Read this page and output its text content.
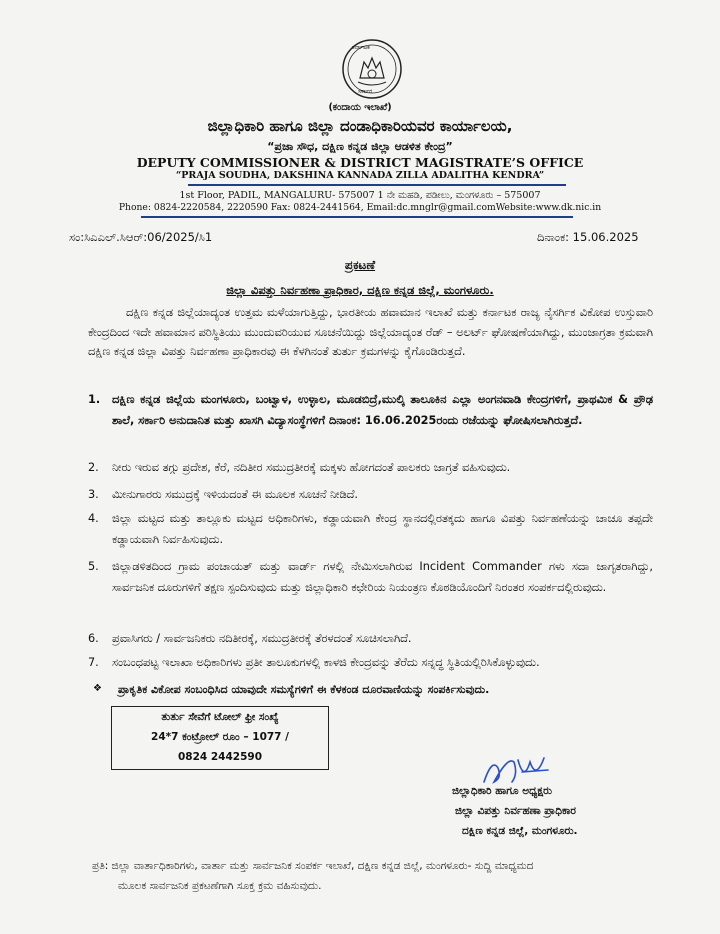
ಕರ್ನಾಟಕ
ಸರ್ಕಾರ
(ಕಂದಾಯ ಇಲಾಖೆ)
ಜಿಲ್ಲಾಧಿಕಾರಿ ಹಾಗೂ ಜಿಲ್ಲಾ ದಂಡಾಧಿಕಾರಿಯವರ ಕಾರ್ಯಾಲಯ,
“ಪ್ರಜಾ ಸೌಧ, ದಕ್ಷಿಣ ಕನ್ನಡ ಜಿಲ್ಲಾ ಆಡಳಿತ ಕೇಂದ್ರ”
DEPUTY COMMISSIONER & DISTRICT MAGISTRATE’S OFFICE
“PRAJA SOUDHA, DAKSHINA KANNADA ZILLA ADALITHA KENDRA”
1st Floor, PADIL, MANGALURU- 575007 1 ನೇ ಮಹಡಿ, ಪಡೀಲು, ಮಂಗಳೂರು – 575007
Phone: 0824-2220584, 2220590 Fax: 0824-2441564, Email:dc.mnglr@gmail.comWebsite:www.dk.nic.in
ಸಂ:ಸಿಎಎಲ್.ಸಿಆರ್:06/2025/ಸಿ1	ದಿನಾಂಕ: 15.06.2025
ಪ್ರಕಟಣೆ
ಜಿಲ್ಲಾ ವಿಪತ್ತು ನಿರ್ವಹಣಾ ಪ್ರಾಧಿಕಾರ, ದಕ್ಷಿಣ ಕನ್ನಡ ಜಿಲ್ಲೆ, ಮಂಗಳೂರು.
ದಕ್ಷಿಣ ಕನ್ನಡ ಜಿಲ್ಲೆಯಾದ್ಯಂತ ಉತ್ತಮ ಮಳೆಯಾಗುತ್ತಿದ್ದು, ಭಾರತೀಯ ಹವಾಮಾನ ಇಲಾಖೆ ಮತ್ತು ಕರ್ನಾಟಕ ರಾಜ್ಯ ನೈಸರ್ಗಿಕ ವಿಕೋಪ ಉಸ್ತುವಾರಿ ಕೇಂದ್ರದಿಂದ ಇದೇ ಹವಾಮಾನ ಪರಿಸ್ಥಿತಿಯು ಮುಂದುವರಿಯುವ ಸೂಚನೆಯಿದ್ದು ಜಿಲ್ಲೆಯಾದ್ಯಂತ ರೆಡ್ – ಅಲರ್ಟ್ ಘೋಷಣೆಯಾಗಿದ್ದು, ಮುಂಜಾಗ್ರತಾ ಕ್ರಮವಾಗಿ ದಕ್ಷಿಣ ಕನ್ನಡ ಜಿಲ್ಲಾ ವಿಪತ್ತು ನಿರ್ವಹಣಾ ಪ್ರಾಧಿಕಾರವು ಈ ಕೆಳಗಿನಂತೆ ತುರ್ತು ಕ್ರಮಗಳನ್ನು ಕೈಗೊಂಡಿರುತ್ತದೆ.
1. ದಕ್ಷಿಣ ಕನ್ನಡ ಜಿಲ್ಲೆಯ ಮಂಗಳೂರು, ಬಂಟ್ವಾಳ, ಉಳ್ಳಾಲ, ಮೂಡಬಿದ್ರೆ,ಮುಲ್ಕಿ ತಾಲೂಕಿನ ಎಲ್ಲಾ ಅಂಗನವಾಡಿ ಕೇಂದ್ರಗಳಿಗೆ, ಪ್ರಾಥಮಿಕ & ಪ್ರೌಢ ಶಾಲೆ, ಸರ್ಕಾರಿ ಅನುದಾನಿತ ಮತ್ತು ಖಾಸಗಿ ವಿದ್ಯಾಸಂಸ್ಥೆಗಳಿಗೆ ದಿನಾಂಕ: 16.06.2025ರಂದು ರಜೆಯನ್ನು ಘೋಷಿಸಲಾಗಿರುತ್ತದೆ.
2. ನೀರು ಇರುವ ತಗ್ಗು ಪ್ರದೇಶ, ಕೆರೆ, ನದಿತೀರ ಸಮುದ್ರತೀರಕ್ಕೆ ಮಕ್ಕಳು ಹೋಗದಂತೆ ಪಾಲಕರು ಜಾಗ್ರತೆ ವಹಿಸುವುದು.
3. ಮೀನುಗಾರರು ಸಮುದ್ರಕ್ಕೆ ಇಳಿಯದಂತೆ ಈ ಮೂಲಕ ಸೂಚನೆ ನೀಡಿದೆ.
4. ಜಿಲ್ಲಾ ಮಟ್ಟದ ಮತ್ತು ತಾಲ್ಲೂಕು ಮಟ್ಟದ ಅಧಿಕಾರಿಗಳು, ಕಡ್ಡಾಯವಾಗಿ ಕೇಂದ್ರ ಸ್ಥಾನದಲ್ಲಿರತಕ್ಕದು ಹಾಗೂ ವಿಪತ್ತು ನಿರ್ವಹಣೆಯನ್ನು ಚಾಚೂ ತಪ್ಪದೇ ಕಡ್ಡಾಯವಾಗಿ ನಿರ್ವಹಿಸುವುದು.
5. ಜಿಲ್ಲಾಡಳಿತದಿಂದ ಗ್ರಾಮ ಪಂಚಾಯತ್ ಮತ್ತು ವಾರ್ಡ್ ಗಳಲ್ಲಿ ನೇಮಿಸಲಾಗಿರುವ Incident Commander ಗಳು ಸದಾ ಜಾಗೃತರಾಗಿದ್ದು, ಸಾರ್ವಜನಿಕ ದೂರುಗಳಿಗೆ ತಕ್ಷಣ ಸ್ಪಂದಿಸುವುದು ಮತ್ತು ಜಿಲ್ಲಾಧಿಕಾರಿ ಕಛೇರಿಯ ನಿಯಂತ್ರಣ ಕೊಠಡಿಯೊಂದಿಗೆ ನಿರಂತರ ಸಂಪರ್ಕದಲ್ಲಿರುವುದು.
6. ಪ್ರವಾಸಿಗರು / ಸಾರ್ವಜನಿಕರು ನದಿತೀರಕ್ಕೆ, ಸಮುದ್ರತೀರಕ್ಕೆ ತೆರಳದಂತೆ ಸೂಚಿಸಲಾಗಿದೆ.
7. ಸಂಬಂಧಪಟ್ಟ ಇಲಾಖಾ ಅಧಿಕಾರಿಗಳು ಪ್ರತೀ ತಾಲೂಕುಗಳಲ್ಲಿ ಕಾಳಜಿ ಕೇಂದ್ರವನ್ನು ತೆರೆದು ಸನ್ನದ್ಧ ಸ್ಥಿತಿಯಲ್ಲಿರಿಸಿಕೊಳ್ಳುವುದು.
❖ ಪ್ರಾಕೃತಿಕ ವಿಕೋಪ ಸಂಬಂಧಿಸಿದ ಯಾವುದೇ ಸಮಸ್ಯೆಗಳಿಗೆ ಈ ಕೆಳಕಂಡ ದೂರವಾಣಿಯನ್ನು ಸಂಪರ್ಕಿಸುವುದು.
ತುರ್ತು ಸೇವೆಗೆ ಟೋಲ್ ಫ್ರೀ ಸಂಖ್ಯೆ
24*7 ಕಂಟ್ರೋಲ್ ರೂಂ – 1077 /
0824 2442590
ಜಿಲ್ಲಾಧಿಕಾರಿ ಹಾಗೂ ಅಧ್ಯಕ್ಷರು
ಜಿಲ್ಲಾ ವಿಪತ್ತು ನಿರ್ವಹಣಾ ಪ್ರಾಧಿಕಾರ
ದಕ್ಷಿಣ ಕನ್ನಡ ಜಿಲ್ಲೆ, ಮಂಗಳೂರು.
ಪ್ರತಿ: ಜಿಲ್ಲಾ ವಾರ್ತಾಧಿಕಾರಿಗಳು, ವಾರ್ತಾ ಮತ್ತು ಸಾರ್ವಜನಿಕ ಸಂಪರ್ಕ ಇಲಾಖೆ, ದಕ್ಷಿಣ ಕನ್ನಡ ಜಿಲ್ಲೆ, ಮಂಗಳೂರು- ಸುದ್ದಿ ಮಾಧ್ಯಮದ
ಮೂಲಕ ಸಾರ್ವಜನಿಕ ಪ್ರಕಟಣೆಗಾಗಿ ಸೂಕ್ತ ಕ್ರಮ ವಹಿಸುವುದು.
